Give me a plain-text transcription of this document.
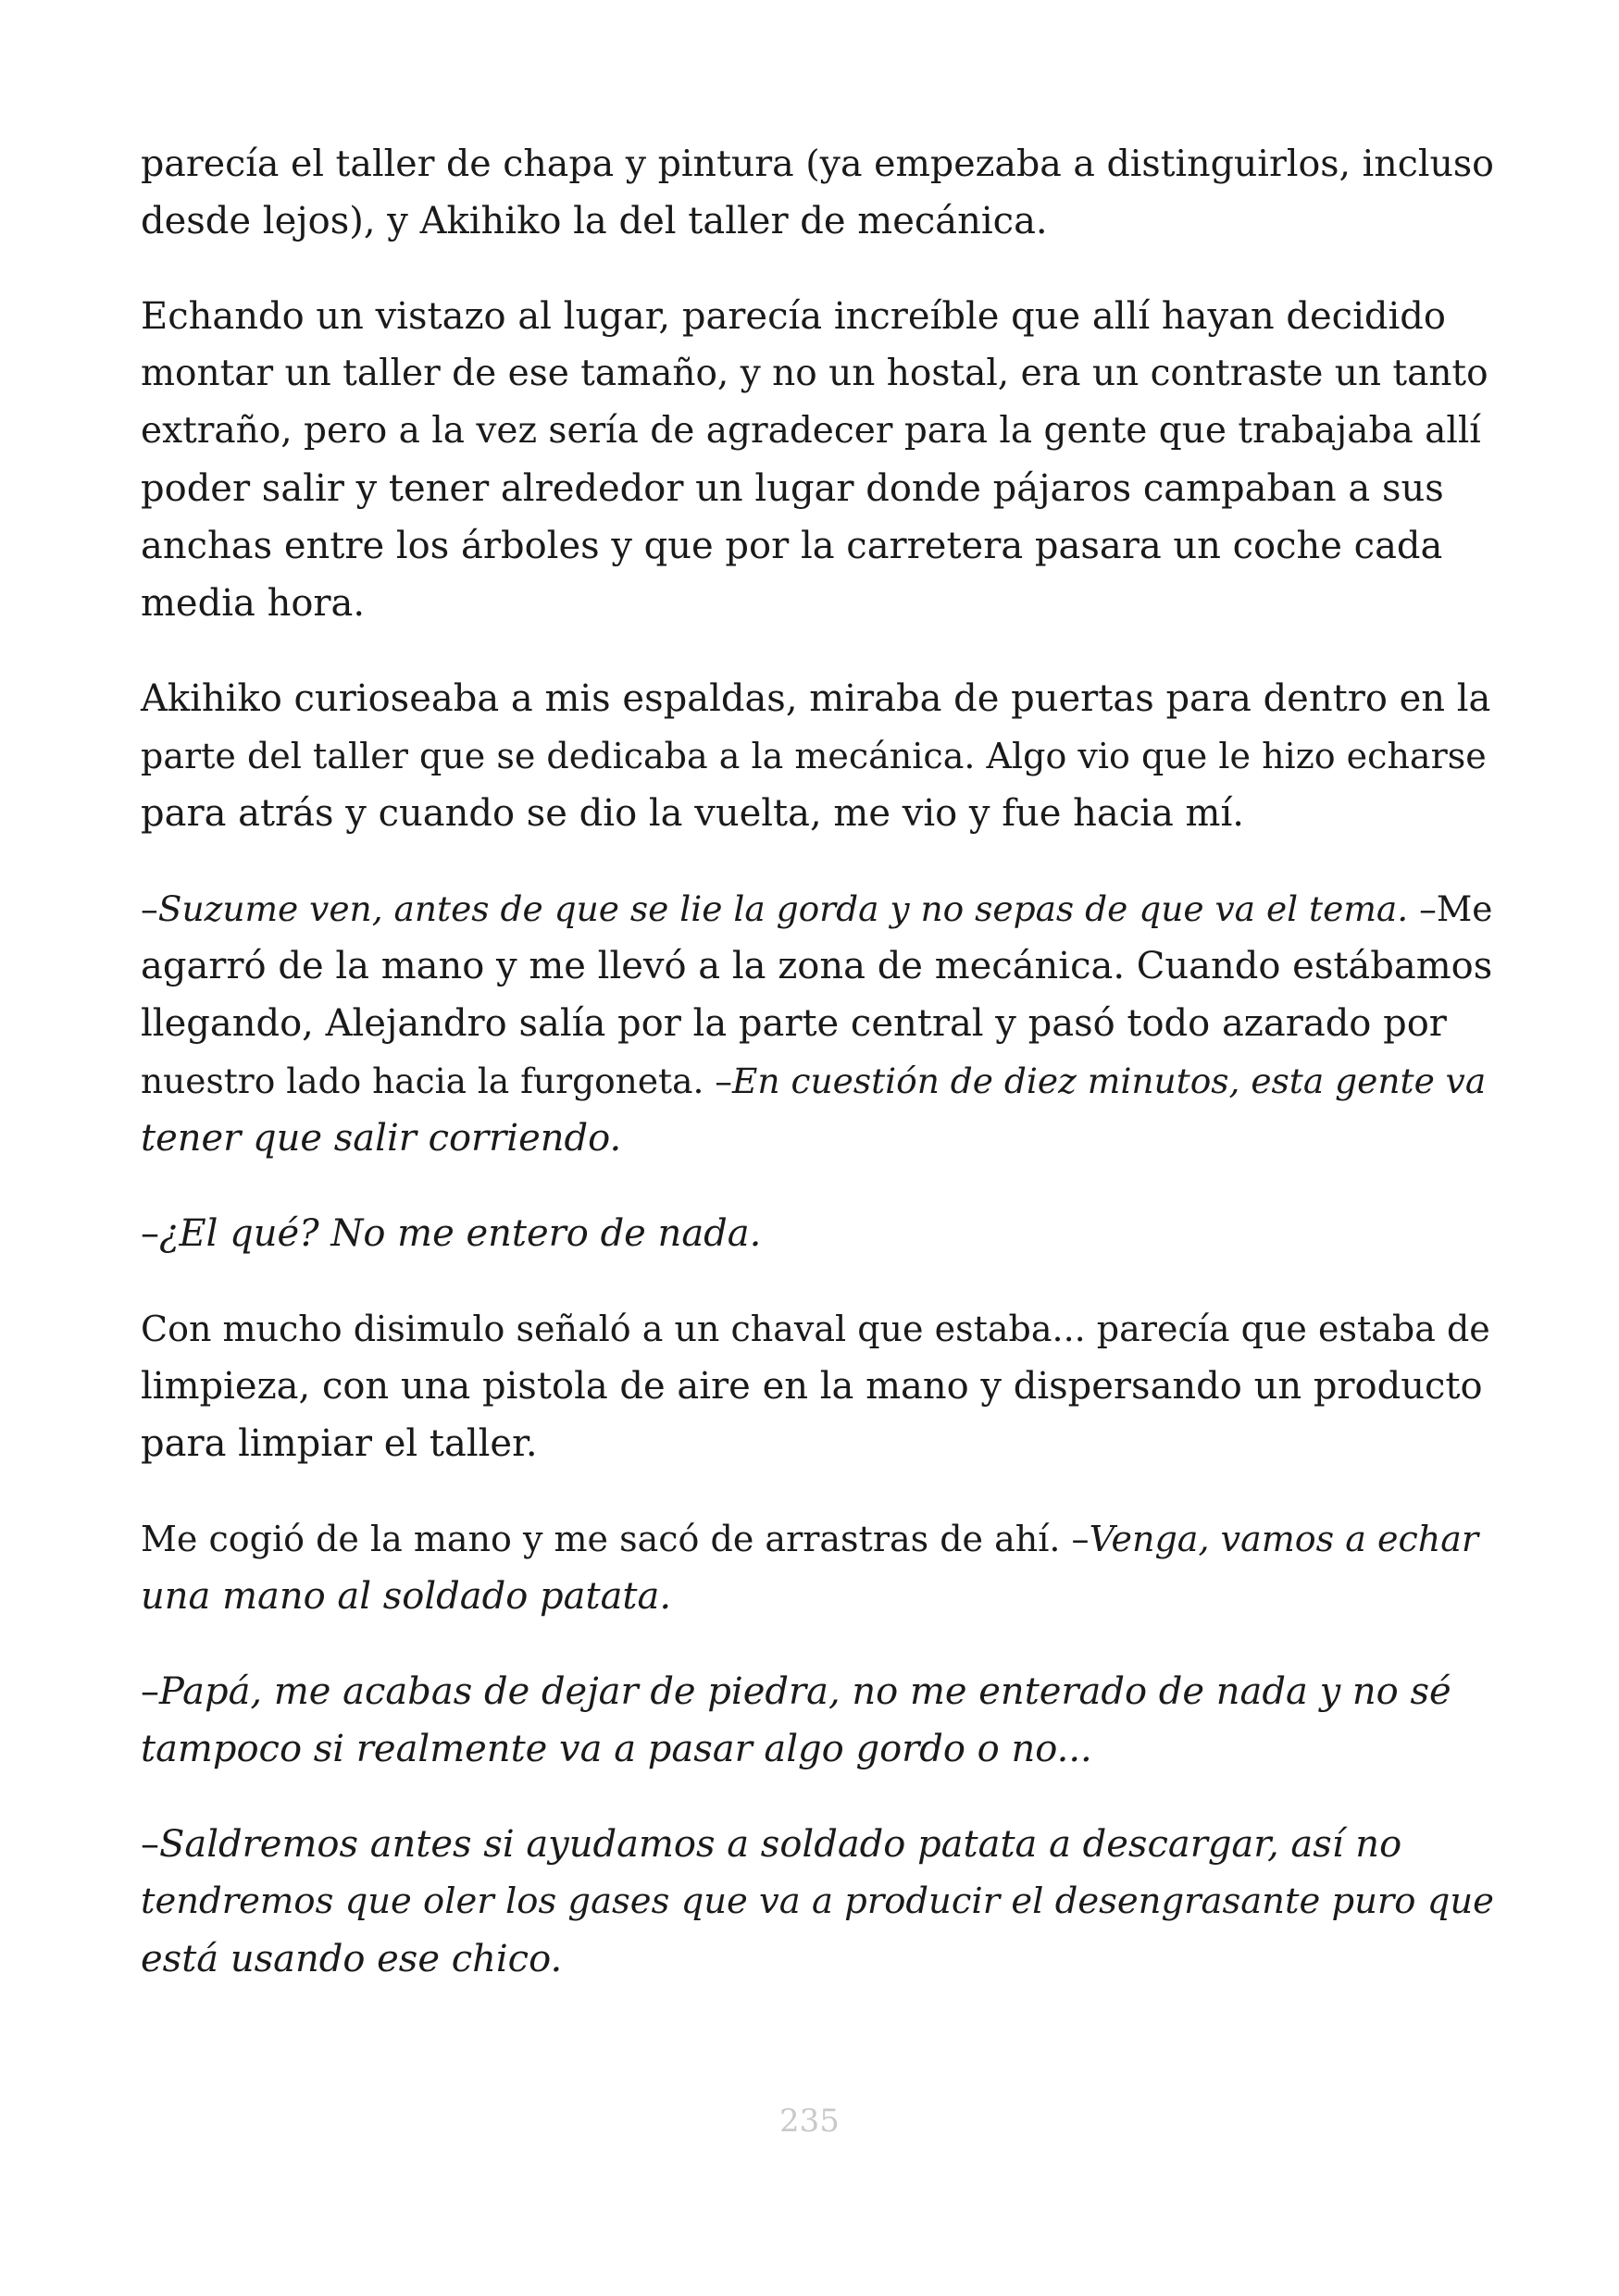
parecía el taller de chapa y pintura (ya empezaba a distinguirlos, incluso
desde lejos), y Akihiko la del taller de mecánica.

Echando un vistazo al lugar, parecía increíble que allí hayan decidido
montar un taller de ese tamaño, y no un hostal, era un contraste un tanto
extraño, pero a la vez sería de agradecer para la gente que trabajaba allí
poder salir y tener alrededor un lugar donde pájaros campaban a sus
anchas entre los árboles y que por la carretera pasara un coche cada
media hora.

Akihiko curioseaba a mis espaldas, miraba de puertas para dentro en la
parte del taller que se dedicaba a la mecánica. Algo vio que le hizo echarse
para atrás y cuando se dio la vuelta, me vio y fue hacia mí.

–Suzume ven, antes de que se lie la gorda y no sepas de que va el tema. –Me
agarró de la mano y me llevó a la zona de mecánica. Cuando estábamos
llegando, Alejandro salía por la parte central y pasó todo azarado por
nuestro lado hacia la furgoneta. –En cuestión de diez minutos, esta gente va
tener que salir corriendo.

–¿El qué? No me entero de nada.

Con mucho disimulo señaló a un chaval que estaba... parecía que estaba de
limpieza, con una pistola de aire en la mano y dispersando un producto
para limpiar el taller.

Me cogió de la mano y me sacó de arrastras de ahí. –Venga, vamos a echar
una mano al soldado patata.

–Papá, me acabas de dejar de piedra, no me enterado de nada y no sé
tampoco si realmente va a pasar algo gordo o no...

–Saldremos antes si ayudamos a soldado patata a descargar, así no
tendremos que oler los gases que va a producir el desengrasante puro que
está usando ese chico.

235
